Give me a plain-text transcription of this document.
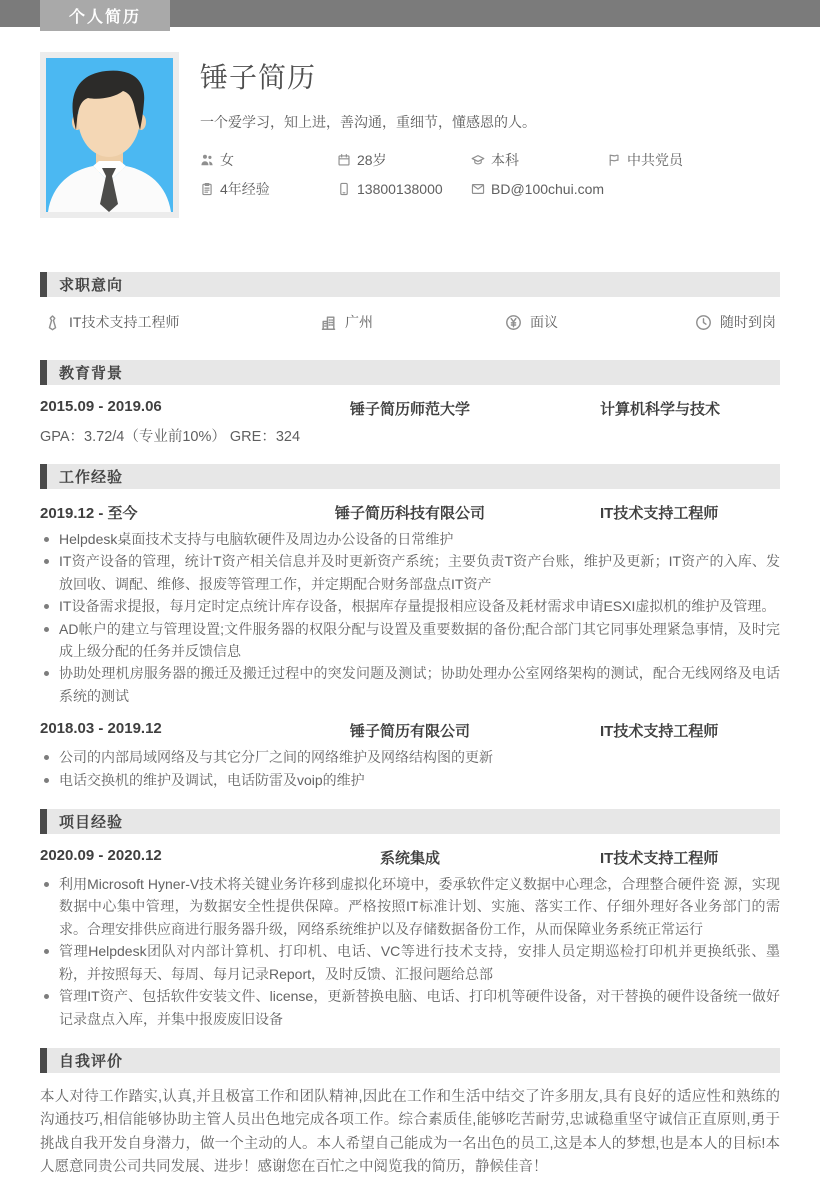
个人简历
锤子简历
一个爱学习，知上进，善沟通，重细节，懂感恩的人。
女	28岁	本科	中共党员
4年经验	13800138000	BD@100chui.com
求职意向
IT技术支持工程师	广州	面议	随时到岗
教育背景
2015.09 - 2019.06	锤子简历师范大学	计算机科学与技术
GPA：3.72/4（专业前10%） GRE：324
工作经验
2019.12 - 至今	锤子简历科技有限公司	IT技术支持工程师
Helpdesk桌面技术支持与电脑软硬件及周边办公设备的日常维护
IT资产设备的管理，统计T资产相关信息并及时更新资产系统；主要负责T资产台账，维护及更新；IT资产的入库、发放回收、调配、维修、报废等管理工作，并定期配合财务部盘点IT资产
IT设备需求提报，每月定时定点统计库存设备，根据库存量提报相应设备及耗材需求申请ESXI虚拟机的维护及管理。
AD帐户的建立与管理设置;文件服务器的权限分配与设置及重要数据的备份;配合部门其它同事处理紧急事情，及时完成上级分配的任务并反馈信息
协助处理机房服务器的搬迁及搬迁过程中的突发问题及测试；协助处理办公室网络架构的测试，配合无线网络及电话系统的测试
2018.03 - 2019.12	锤子简历有限公司	IT技术支持工程师
公司的内部局域网络及与其它分厂之间的网络维护及网络结构图的更新
电话交换机的维护及调试，电话防雷及voip的维护
项目经验
2020.09 - 2020.12	系统集成	IT技术支持工程师
利用Microsoft Hyner-V技术将关键业务许移到虚拟化环境中，委承软件定义数据中心理念，合理整合硬件瓷 源，实现数据中心集中管理，为数据安全性提供保障。严格按照IT标准计划、实施、落实工作、仔细外理好各业务部门的需求。合理安排供应商进行服务器升级，网络系统维护以及存储数据备份工作，从而保障业务系统正常运行
管理Helpdesk团队对内部计算机、打印机、电话、VC等进行技术支持，安排人员定期巡检打印机并更换纸张、墨粉，并按照每天、每周、每月记录Report，及时反馈、汇报问题给总部
管理IT资产、包括软件安装文件、license，更新替换电脑、电话、打印机等硬件设备，对干替换的硬件设备统一做好记录盘点入库，并集中报废废旧设备
自我评价
本人对待工作踏实,认真,并且极富工作和团队精神,因此在工作和生活中结交了许多朋友,具有良好的适应性和熟练的沟通技巧,相信能够协助主管人员出色地完成各项工作。综合素质佳,能够吃苦耐劳,忠诚稳重坚守诚信正直原则,勇于挑战自我开发自身潜力，做一个主动的人。本人希望自己能成为一名出色的员工,这是本人的梦想,也是本人的目标!本人愿意同贵公司共同发展、进步！感谢您在百忙之中阅览我的简历，静候佳音！
